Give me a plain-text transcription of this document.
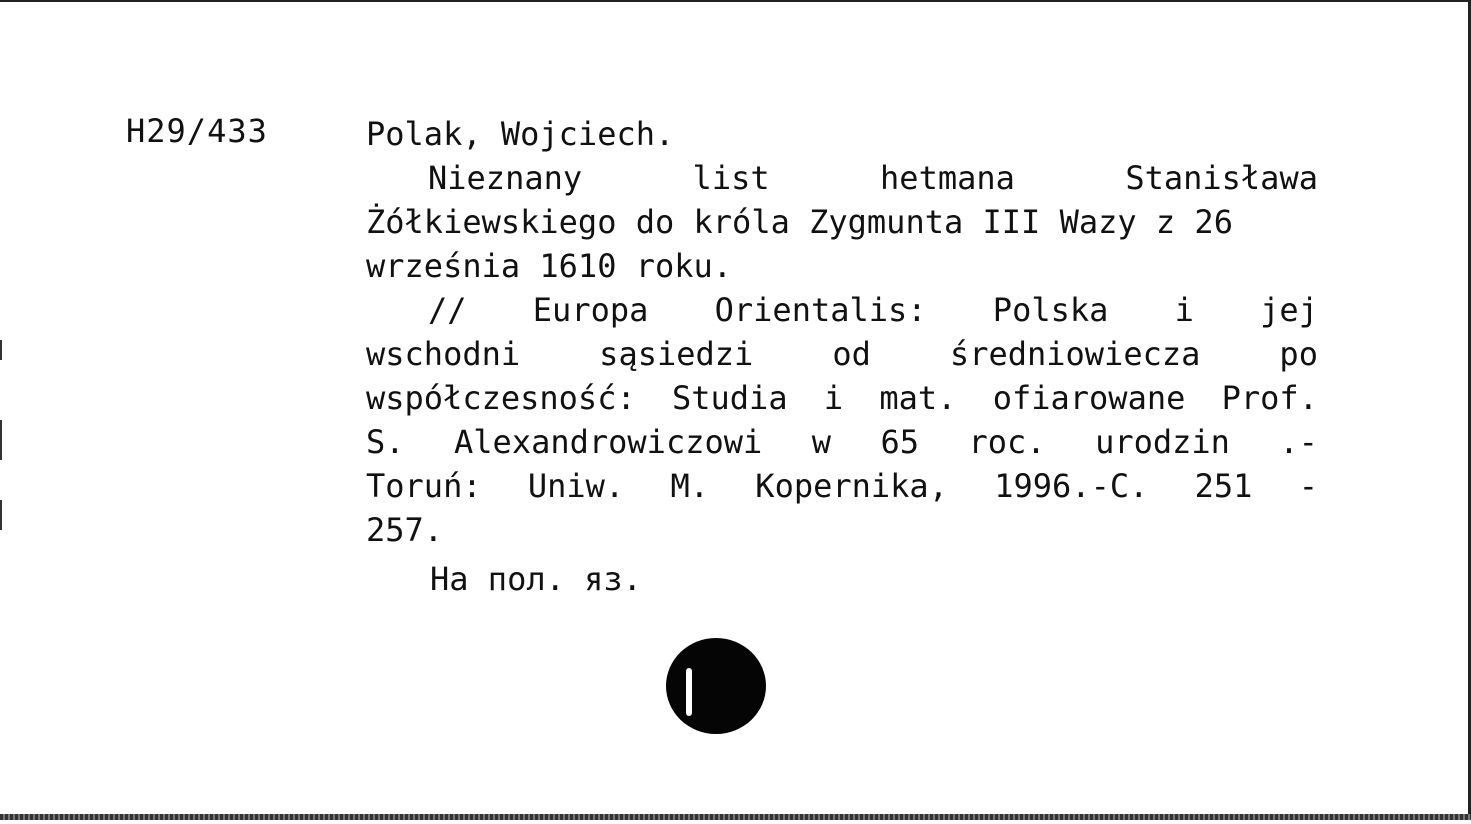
H29/433	Polak, Wojciech.
Nieznany	list	hetmana	Stanisława
Żółkiewskiego do króla Zygmunta III Wazy z 26
września 1610 roku.
// Europa Orientalis: Polska i jej
wschodni sąsiedzi od średniowiecza po
współczesność: Studia i mat. ofiarowane Prof.
S. Alexandrowiczowi w 65 roc. urodzin .-
Toruń: Uniw. M. Kopernika, 1996.-C. 251 -
257.
На пол. яз.
